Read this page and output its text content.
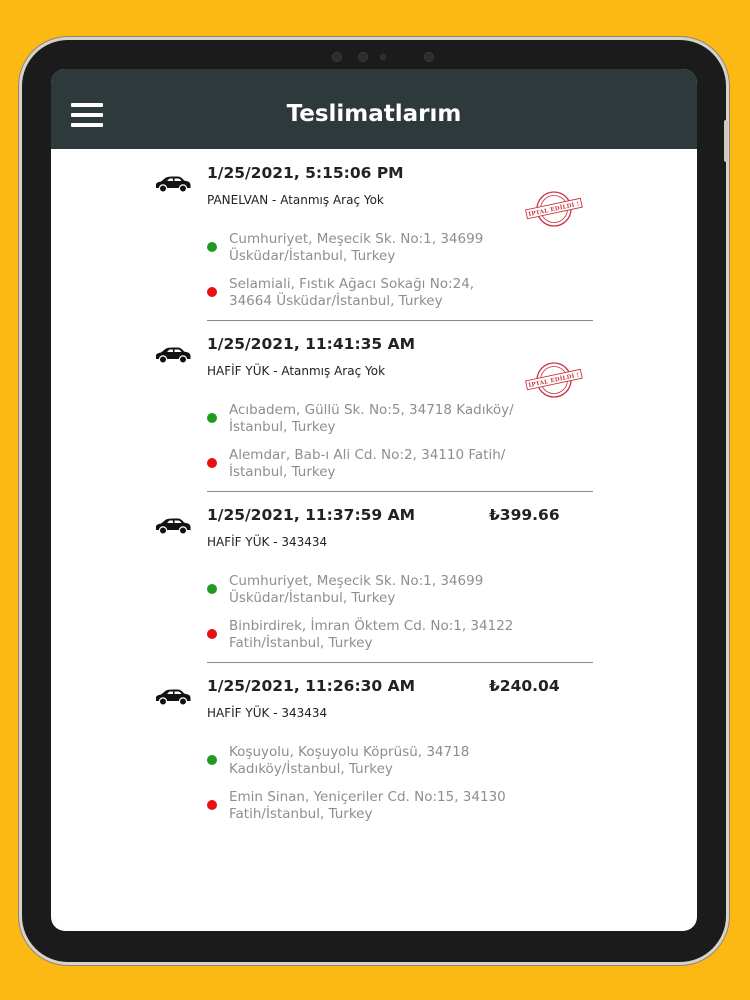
Teslimatlarım
1/25/2021, 5:15:06 PM
PANELVAN - Atanmış Araç Yok
İPTAL EDİLDİ !
Cumhuriyet, Meşecik Sk. No:1, 34699 Üsküdar/İstanbul, Turkey
Selamiali, Fıstık Ağacı Sokağı No:24, 34664 Üsküdar/İstanbul, Turkey
1/25/2021, 11:41:35 AM
HAFİF YÜK - Atanmış Araç Yok
İPTAL EDİLDİ !
Acıbadem, Güllü Sk. No:5, 34718 Kadıköy/İstanbul, Turkey
Alemdar, Bab-ı Ali Cd. No:2, 34110 Fatih/İstanbul, Turkey
1/25/2021, 11:37:59 AM	₺399.66
HAFİF YÜK - 343434
Cumhuriyet, Meşecik Sk. No:1, 34699 Üsküdar/İstanbul, Turkey
Binbirdirek, İmran Öktem Cd. No:1, 34122 Fatih/İstanbul, Turkey
1/25/2021, 11:26:30 AM	₺240.04
HAFİF YÜK - 343434
Koşuyolu, Koşuyolu Köprüsü, 34718 Kadıköy/İstanbul, Turkey
Emin Sinan, Yeniçeriler Cd. No:15, 34130 Fatih/İstanbul, Turkey
